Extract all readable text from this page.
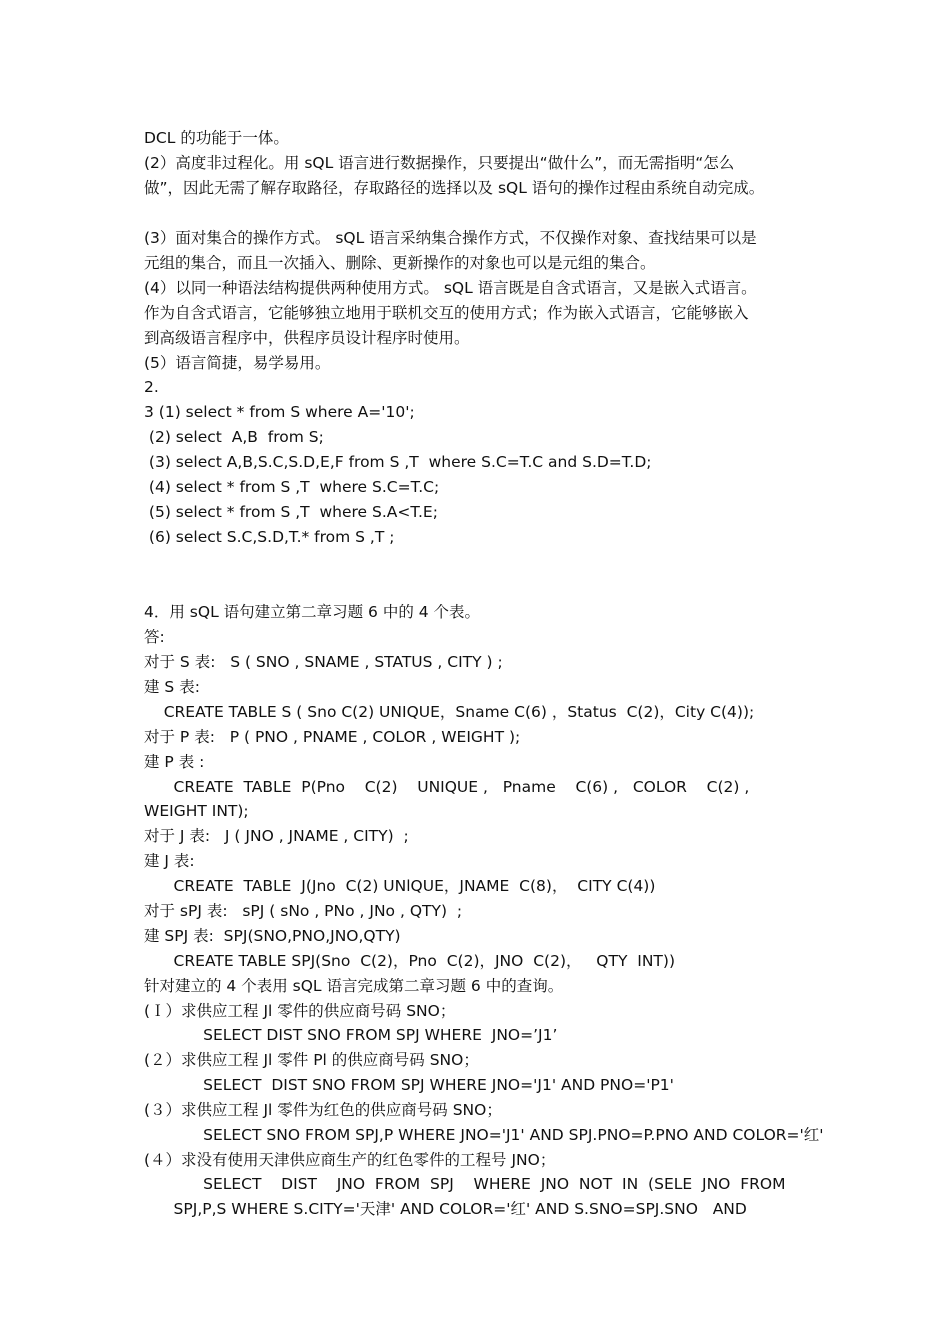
DCL 的功能于一体。
(2）高度非过程化。用 sQL 语言进行数据操作，只要提出“做什么”，而无需指明“怎么
做”，因此无需了解存取路径，存取路径的选择以及 sQL 语句的操作过程由系统自动完成。
(3）面对集合的操作方式。 sQL 语言采纳集合操作方式，不仅操作对象、查找结果可以是
元组的集合，而且一次插入、删除、更新操作的对象也可以是元组的集合。
(4）以同一种语法结构提供两种使用方式。 sQL 语言既是自含式语言，又是嵌入式语言。
作为自含式语言，它能够独立地用于联机交互的使用方式；作为嵌入式语言，它能够嵌入
到高级语言程序中，供程序员设计程序时使用。
(5）语言简捷，易学易用。
2.
3 (1) select * from S where A='10';
(2) select  A,B  from S;
(3) select A,B,S.C,S.D,E,F from S ,T  where S.C=T.C and S.D=T.D;
(4) select * from S ,T  where S.C=T.C;
(5) select * from S ,T  where S.A<T.E;
(6) select S.C,S.D,T.* from S ,T ;
4．用 sQL 语句建立第二章习题 6 中的 4 个表。
答:
对于 S 表:   S ( SNO , SNAME , STATUS , CITY ) ;
建 S 表:
CREATE TABLE S ( Sno C(2) UNIQUE，Sname C(6) ，Status  C(2)，City C(4));
对于 P 表:   P ( PNO , PNAME , COLOR , WEIGHT );
建 P 表 :
CREATE  TABLE  P(Pno    C(2)    UNIQUE ,   Pname    C(6) ,   COLOR    C(2) ,
WEIGHT INT);
对于 J 表:   J ( JNO , JNAME , CITY)  ;
建 J 表:
CREATE  TABLE  J(Jno  C(2) UNlQUE，JNAME  C(8)，  CITY C(4))
对于 sPJ 表:   sPJ ( sNo , PNo , JNo , QTY)  ;
建 SPJ 表:  SPJ(SNO,PNO,JNO,QTY)
CREATE TABLE SPJ(Sno  C(2)，Pno  C(2)，JNO  C(2)，   QTY  INT))
针对建立的 4 个表用 sQL 语言完成第二章习题 6 中的查询。
(Ｉ）求供应工程 Jl 零件的供应商号码 SNO；
SELECT DIST SNO FROM SPJ WHERE  JNO=’J1’
(２）求供应工程 Jl 零件 Pl 的供应商号码 SNO；
SELECT  DIST SNO FROM SPJ WHERE JNO='J1' AND PNO='P1'
(３）求供应工程 Jl 零件为红色的供应商号码 SNO；
SELECT SNO FROM SPJ,P WHERE JNO='J1' AND SPJ.PNO=P.PNO AND COLOR='红'
(４）求没有使用天津供应商生产的红色零件的工程号 JNO；
SELECT    DIST    JNO  FROM  SPJ    WHERE  JNO  NOT  IN  (SELE  JNO  FROM
SPJ,P,S WHERE S.CITY='天津' AND COLOR='红' AND S.SNO=SPJ.SNO   AND
